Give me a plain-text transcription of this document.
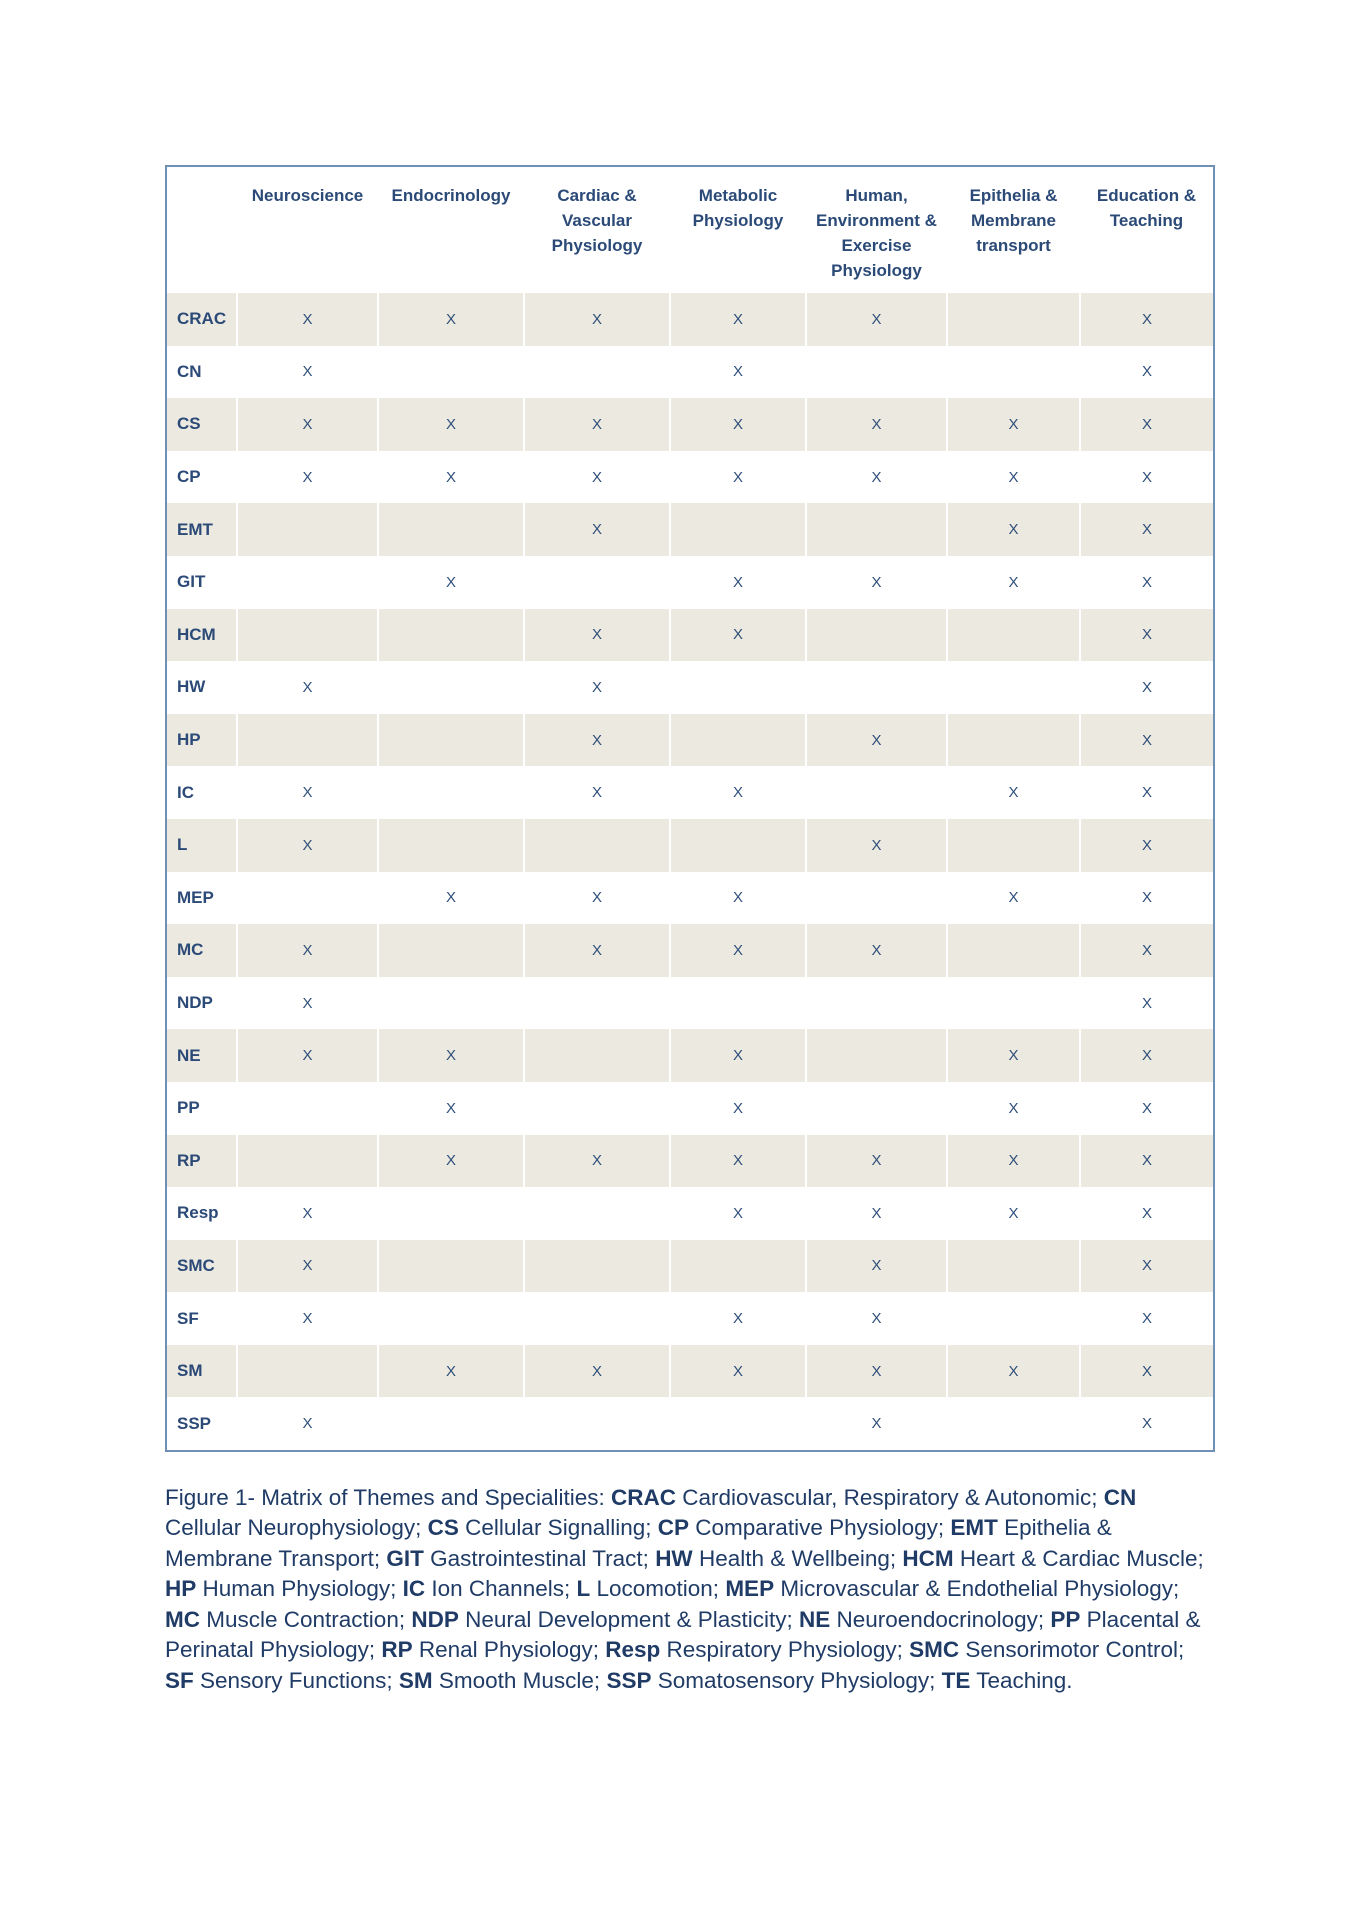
	Neuroscience	Endocrinology	Cardiac & Vascular Physiology	Metabolic Physiology	Human, Environment & Exercise Physiology	Epithelia & Membrane transport	Education & Teaching
CRAC	X	X	X	X	X		X
CN	X			X			X
CS	X	X	X	X	X	X	X
CP	X	X	X	X	X	X	X
EMT			X			X	X
GIT		X		X	X	X	X
HCM			X	X			X
HW	X		X				X
HP			X		X		X
IC	X		X	X		X	X
L	X				X		X
MEP		X	X	X		X	X
MC	X		X	X	X		X
NDP	X						X
NE	X	X		X		X	X
PP		X		X		X	X
RP		X	X	X	X	X	X
Resp	X			X	X	X	X
SMC	X				X		X
SF	X			X	X		X
SM		X	X	X	X	X	X
SSP	X				X		X

Figure 1- Matrix of Themes and Specialities: CRAC Cardiovascular, Respiratory & Autonomic; CN Cellular Neurophysiology; CS Cellular Signalling; CP Comparative Physiology; EMT Epithelia & Membrane Transport; GIT Gastrointestinal Tract; HW Health & Wellbeing; HCM Heart & Cardiac Muscle; HP Human Physiology; IC Ion Channels; L Locomotion; MEP Microvascular & Endothelial Physiology; MC Muscle Contraction; NDP Neural Development & Plasticity; NE Neuroendocrinology; PP Placental & Perinatal Physiology; RP Renal Physiology; Resp Respiratory Physiology; SMC Sensorimotor Control; SF Sensory Functions; SM Smooth Muscle; SSP Somatosensory Physiology; TE Teaching.
